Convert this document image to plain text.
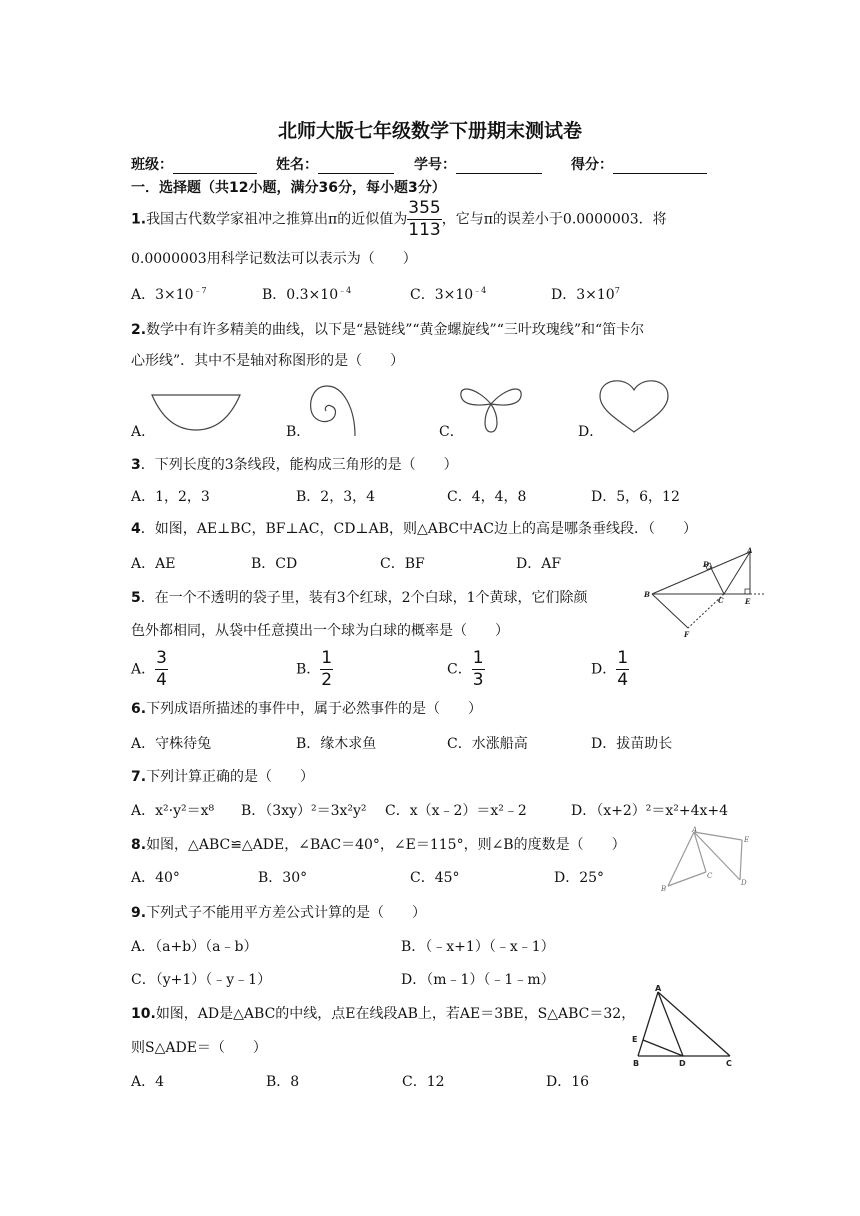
北师大版七年级数学下册期末测试卷
班级：	姓名：	学号：	得分：
一．选择题（共12小题，满分36分，每小题3分）
1.我国古代数学家祖冲之推算出π的近似值为 $\frac{355}{113}$ ，它与π的误差小于0.0000003．将
0.0000003用科学记数法可以表示为（　　）
A．$3\times 10^{﹣7}$	B．$0.3\times 10^{﹣4}$	C．$3\times 10^{﹣4}$	D．$3\times 10^7$
2.数学中有许多精美的曲线，以下是“悬链线”“黄金螺旋线”“三叶玫瑰线”和“笛卡尔
心形线”．其中不是轴对称图形的是（　　）
A．	B．	C．	D．
3．下列长度的3条线段，能构成三角形的是（　　）
A．1，2，3	B．2，3，4	C．4，4，8	D．5，6，12
4．如图，AE⊥BC，BF⊥AC，CD⊥AB，则△ABC中AC边上的高是哪条垂线段．（　　）
A．AE	B．CD	C．BF	D．AF
A
B
C
D
E
F
5．在一个不透明的袋子里，装有3个红球，2个白球，1个黄球，它们除颜
色外都相同，从袋中任意摸出一个球为白球的概率是（　　）
A． $\frac{3}{4}$	B． $\frac{1}{2}$	C． $\frac{1}{3}$	D． $\frac{1}{4}$
6.下列成语所描述的事件中，属于必然事件的是（　　）
A．守株待兔	B．缘木求鱼	C．水涨船高	D．拔苗助长
7.下列计算正确的是（　　）
A．x²·y²＝x⁸ B．（3xy）²＝3x²y² C．x（x﹣2）＝x²﹣2	D．（x+2）²＝x²+4x+4
8.如图，△ABC≌△ADE，∠BAC＝40°，∠E＝115°，则∠B的度数是（　　）
A．40°	B．30°	C．45°	D．25°
A
B
C
D
E
9.下列式子不能用平方差公式计算的是（　　）
A．（a+b）（a﹣b）	B．（﹣x+1）（﹣x﹣1）
C．（y+1）（﹣y﹣1）	D．（m﹣1）（﹣1﹣m）
10.如图，AD是△ABC的中线，点E在线段AB上，若AE＝3BE，S△ABC＝32，
则S△ADE＝（　　）
A．4	B．8	C．12	D．16
A
B	C
D
E
